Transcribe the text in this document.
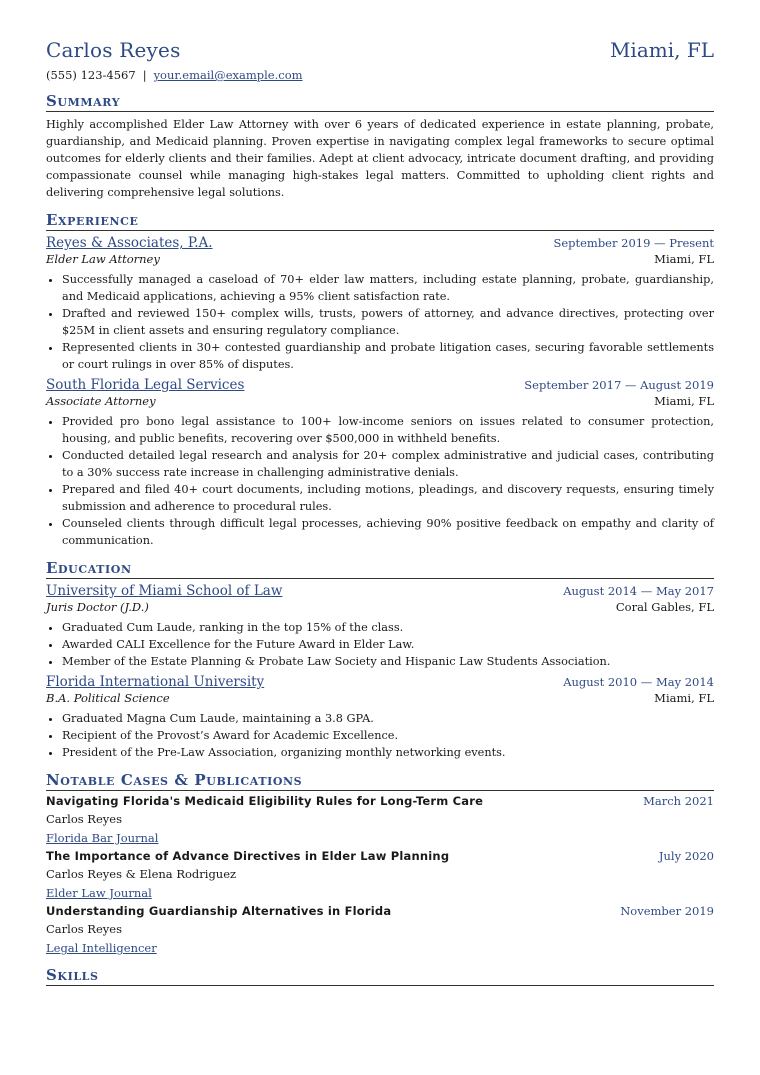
Carlos Reyes	Miami, FL
(555) 123-4567 | your.email@example.com
Summary
Highly accomplished Elder Law Attorney with over 6 years of dedicated experience in estate planning, probate, guardianship, and Medicaid planning. Proven expertise in navigating complex legal frameworks to secure optimal outcomes for elderly clients and their families. Adept at client advocacy, intricate document drafting, and providing compassionate counsel while managing high-stakes legal matters. Committed to upholding client rights and delivering comprehensive legal solutions.
Experience
Reyes & Associates, P.A.	September 2019 — Present
Elder Law Attorney	Miami, FL
• Successfully managed a caseload of 70+ elder law matters, including estate planning, probate, guardianship, and Medicaid applications, achieving a 95% client satisfaction rate.
• Drafted and reviewed 150+ complex wills, trusts, powers of attorney, and advance directives, protecting over $25M in client assets and ensuring regulatory compliance.
• Represented clients in 30+ contested guardianship and probate litigation cases, securing favorable settlements or court rulings in over 85% of disputes.
South Florida Legal Services	September 2017 — August 2019
Associate Attorney	Miami, FL
• Provided pro bono legal assistance to 100+ low-income seniors on issues related to consumer protection, housing, and public benefits, recovering over $500,000 in withheld benefits.
• Conducted detailed legal research and analysis for 20+ complex administrative and judicial cases, contributing to a 30% success rate increase in challenging administrative denials.
• Prepared and filed 40+ court documents, including motions, pleadings, and discovery requests, ensuring timely submission and adherence to procedural rules.
• Counseled clients through difficult legal processes, achieving 90% positive feedback on empathy and clarity of communication.
Education
University of Miami School of Law	August 2014 — May 2017
Juris Doctor (J.D.)	Coral Gables, FL
• Graduated Cum Laude, ranking in the top 15% of the class.
• Awarded CALI Excellence for the Future Award in Elder Law.
• Member of the Estate Planning & Probate Law Society and Hispanic Law Students Association.
Florida International University	August 2010 — May 2014
B.A. Political Science	Miami, FL
• Graduated Magna Cum Laude, maintaining a 3.8 GPA.
• Recipient of the Provost’s Award for Academic Excellence.
• President of the Pre-Law Association, organizing monthly networking events.
Notable Cases & Publications
Navigating Florida's Medicaid Eligibility Rules for Long-Term Care	March 2021
Carlos Reyes
Florida Bar Journal
The Importance of Advance Directives in Elder Law Planning	July 2020
Carlos Reyes & Elena Rodriguez
Elder Law Journal
Understanding Guardianship Alternatives in Florida	November 2019
Carlos Reyes
Legal Intelligencer
Skills
